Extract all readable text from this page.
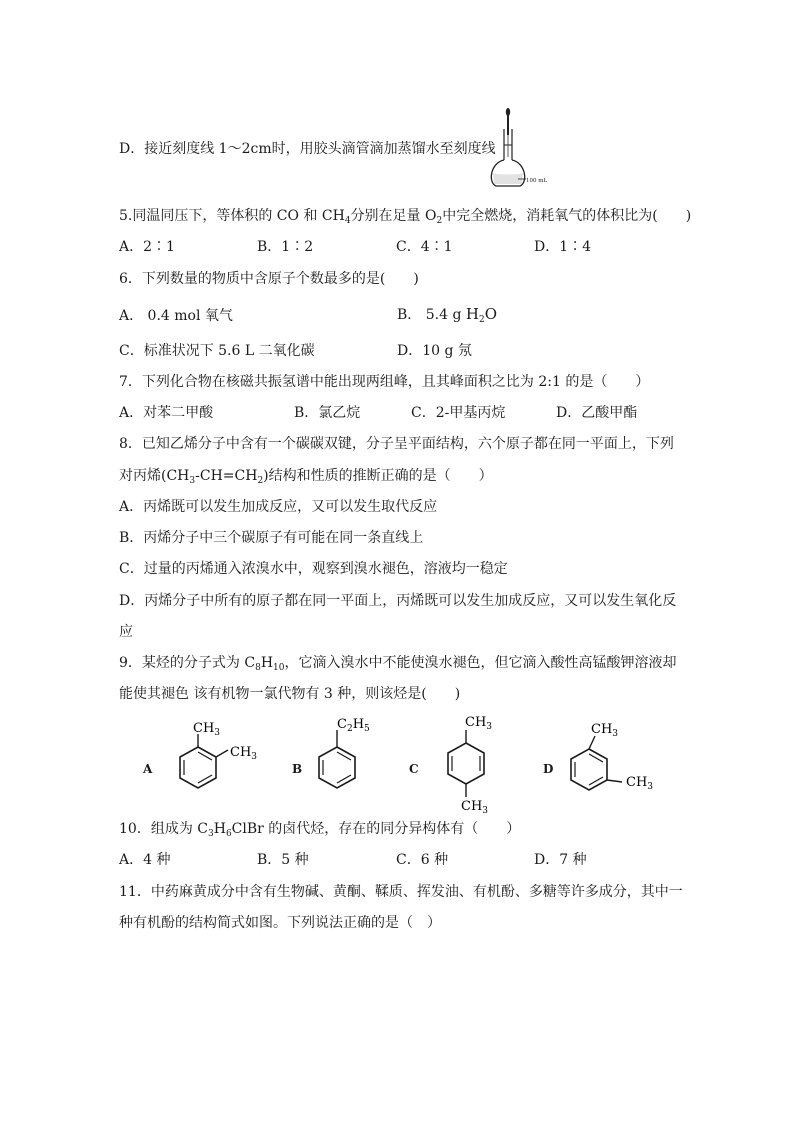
D．接近刻度线 1～2cm时，用胶头滴管滴加蒸馏水至刻度线
100 mL
5.同温同压下，等体积的 CO 和 $CH_4$分别在足量 $O_2$中完全燃烧，消耗氧气的体积比为(　　)
A．2∶1	B．1∶2	C．4∶1	D．1∶4
6．下列数量的物质中含原子个数最多的是(　　)
A． 0.4 mol 氧气	B． 5.4 g $H_2O$
C．标准状况下 5.6 L 二氧化碳	D．10 g 氖
7．下列化合物在核磁共振氢谱中能出现两组峰，且其峰面积之比为 2:1 的是（　　）
A．对苯二甲酸	B．氯乙烷	C．2-甲基丙烷	D．乙酸甲酯
8．已知乙烯分子中含有一个碳碳双键，分子呈平面结构，六个原子都在同一平面上，下列
对丙烯$(CH_3-CH=CH_2)$结构和性质的推断正确的是（　　）
A．丙烯既可以发生加成反应，又可以发生取代反应
B．丙烯分子中三个碳原子有可能在同一条直线上
C．过量的丙烯通入浓溴水中，观察到溴水褪色，溶液均一稳定
D．丙烯分子中所有的原子都在同一平面上，丙烯既可以发生加成反应，又可以发生氧化反
应
9．某烃的分子式为 $C_8H_{10}$，它滴入溴水中不能使溴水褪色，但它滴入酸性高锰酸钾溶液却
能使其褪色 该有机物一氯代物有 3 种，则该烃是(　　)
A
$CH_3$
$CH_3$
B
$C_2H_5$
C
$CH_3$
$CH_3$
D
$CH_3$
$CH_3$
10．组成为 $C_3H_6ClBr$ 的卤代烃，存在的同分异构体有（　　）
A．4 种	B．5 种	C．6 种	D．7 种
11．中药麻黄成分中含有生物碱、黄酮、鞣质、挥发油、有机酚、多糖等许多成分，其中一
种有机酚的结构简式如图。下列说法正确的是（　）
